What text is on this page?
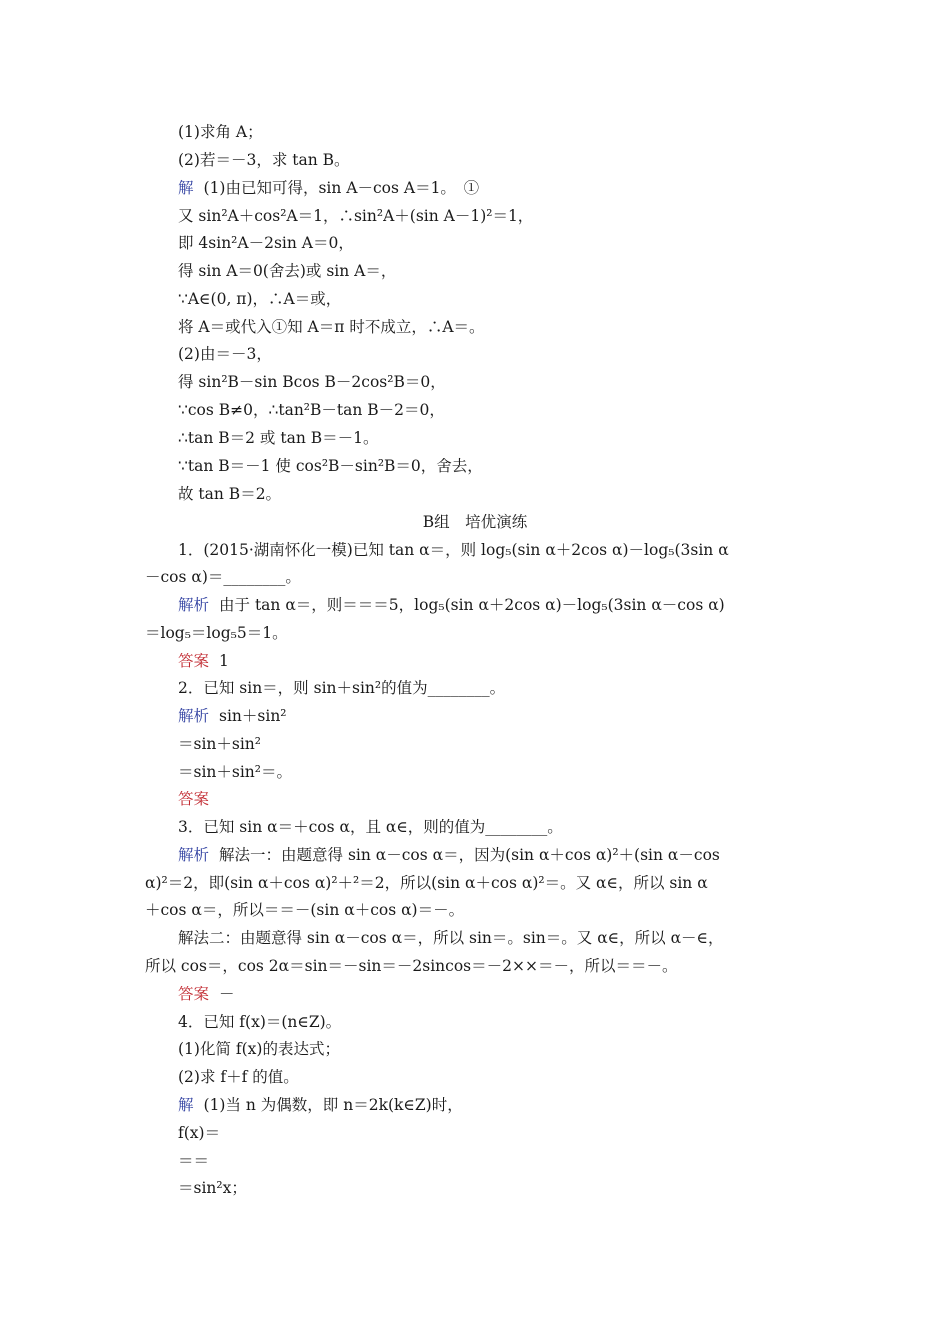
(1)求角 A；
(2)若＝－3，求 tan B。
解 (1)由已知可得，sin A－cos A＝1。　①
又 sin²A＋cos²A＝1，∴sin²A＋(sin A－1)²＝1，
即 4sin²A－2sin A＝0，
得 sin A＝0(舍去)或 sin A＝，
∵A∈(0, π)，∴A＝或，
将 A＝或代入①知 A＝π 时不成立，∴A＝。
(2)由＝－3，
得 sin²B－sin Bcos B－2cos²B＝0，
∵cos B≠0，∴tan²B－tan B－2＝0，
∴tan B＝2 或 tan B＝－1。
∵tan B＝－1 使 cos²B－sin²B＝0，舍去，
故 tan B＝2。
B组　培优演练
1．(2015·湖南怀化一模)已知 tan α＝，则 log₅(sin α＋2cos α)－log₅(3sin α
－cos α)＝________。
解析 由于 tan α＝，则＝＝＝5，log₅(sin α＋2cos α)－log₅(3sin α－cos α)
＝log₅＝log₅5＝1。
答案 1
2．已知 sin＝，则 sin＋sin²的值为________。
解析 sin＋sin²
＝sin＋sin²
＝sin＋sin²＝。
答案
3．已知 sin α＝＋cos α，且 α∈，则的值为________。
解析 解法一：由题意得 sin α－cos α＝，因为(sin α＋cos α)²＋(sin α－cos
α)²＝2，即(sin α＋cos α)²＋²＝2，所以(sin α＋cos α)²＝。又 α∈，所以 sin α
＋cos α＝，所以＝＝－(sin α＋cos α)＝－。
解法二：由题意得 sin α－cos α＝，所以 sin＝。sin＝。又 α∈，所以 α－∈，
所以 cos＝，cos 2α＝sin＝－sin＝－2sincos＝－2××＝－，所以＝＝－。
答案 －
4．已知 f(x)＝(n∈Z)。
(1)化简 f(x)的表达式；
(2)求 f＋f 的值。
解 (1)当 n 为偶数，即 n＝2k(k∈Z)时，
f(x)＝
＝＝
＝sin²x；
